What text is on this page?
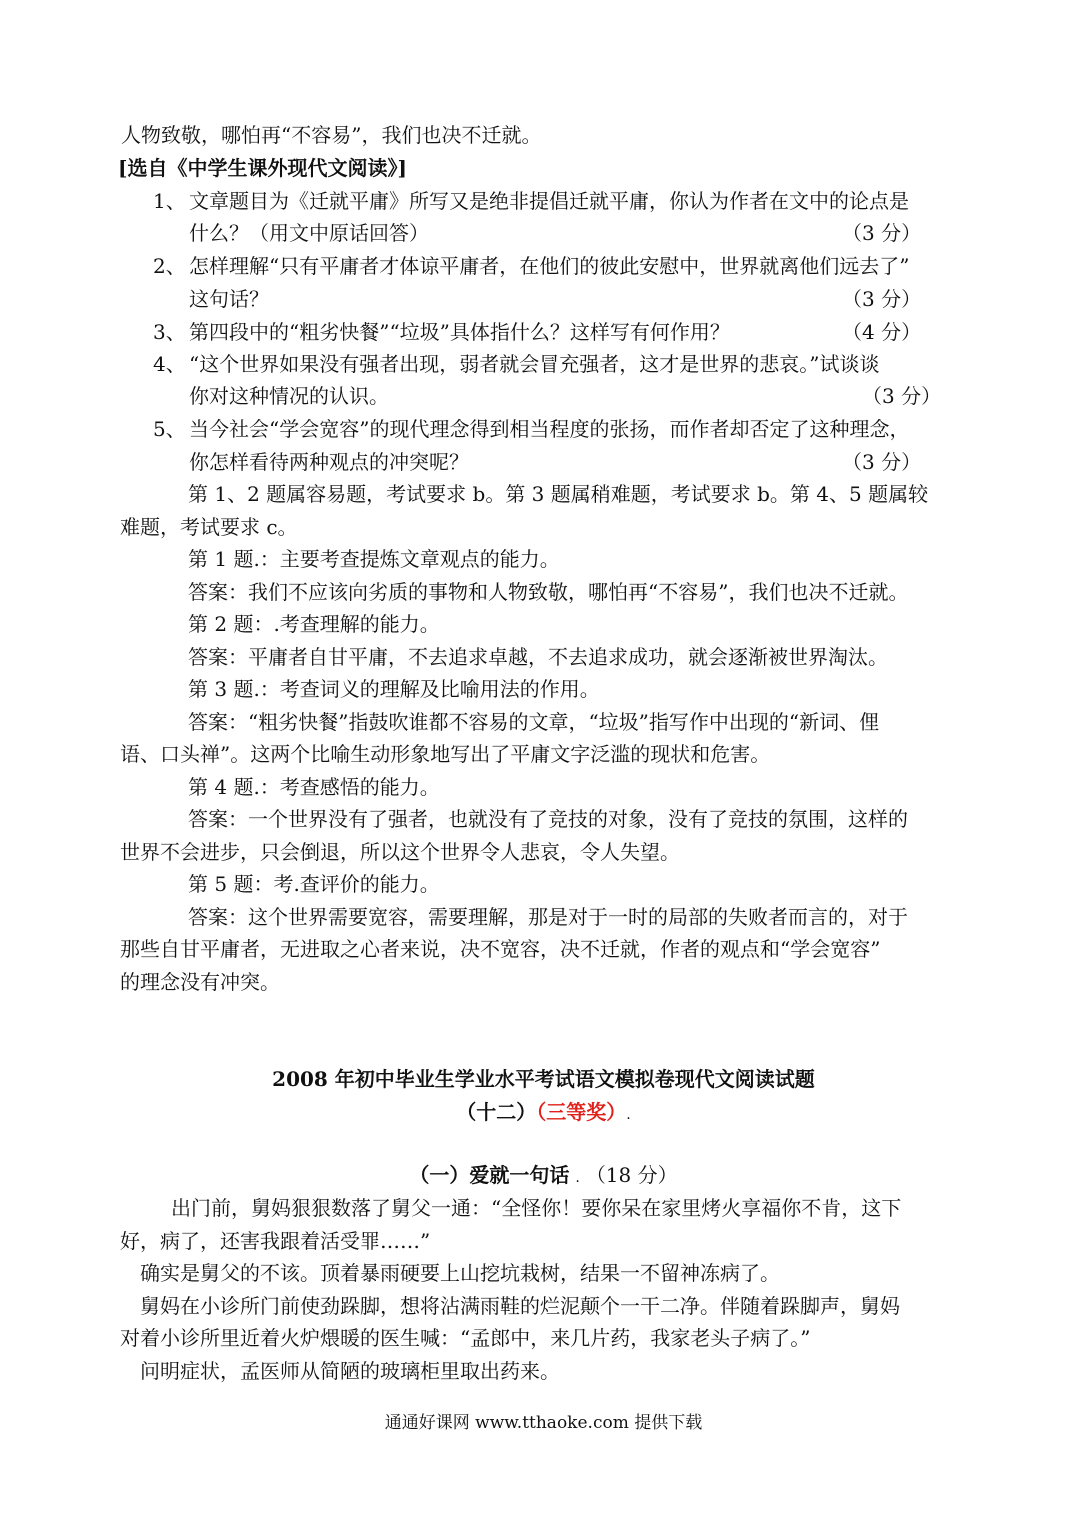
人物致敬，哪怕再“不容易”，我们也决不迁就。
[选自《中学生课外现代文阅读》]
1、 文章题目为《迁就平庸》所写又是绝非提倡迁就平庸，你认为作者在文中的论点是
什么？（用文中原话回答）	（3 分）
2、 怎样理解“只有平庸者才体谅平庸者，在他们的彼此安慰中，世界就离他们远去了”
这句话？	（3 分）
3、 第四段中的“粗劣快餐”“垃圾”具体指什么？这样写有何作用？	（4 分）
4、 “这个世界如果没有强者出现，弱者就会冒充强者，这才是世界的悲哀。”试谈谈
你对这种情况的认识。	（3 分）
5、 当今社会“学会宽容”的现代理念得到相当程度的张扬，而作者却否定了这种理念，
你怎样看待两种观点的冲突呢？	（3 分）
第 1、2 题属容易题，考试要求 b。第 3 题属稍难题，考试要求 b。第 4、5 题属较
难题，考试要求 c。
第 1 题.：主要考查提炼文章观点的能力。
答案：我们不应该向劣质的事物和人物致敬，哪怕再“不容易”，我们也决不迁就。
第 2 题：.考查理解的能力。
答案：平庸者自甘平庸，不去追求卓越，不去追求成功，就会逐渐被世界淘汰。
第 3 题.：考查词义的理解及比喻用法的作用。
答案：“粗劣快餐”指鼓吹谁都不容易的文章，“垃圾”指写作中出现的“新词、俚
语、口头禅”。这两个比喻生动形象地写出了平庸文字泛滥的现状和危害。
第 4 题.：考查感悟的能力。
答案：一个世界没有了强者，也就没有了竞技的对象，没有了竞技的氛围，这样的
世界不会进步，只会倒退，所以这个世界令人悲哀，令人失望。
第 5 题：考.查评价的能力。
答案：这个世界需要宽容，需要理解，那是对于一时的局部的失败者而言的，对于
那些自甘平庸者，无进取之心者来说，决不宽容，决不迁就，作者的观点和“学会宽容”
的理念没有冲突。
2008 年初中毕业生学业水平考试语文模拟卷现代文阅读试题
（十二）（三等奖）.
（一）爱就一句话 . （18 分）
出门前，舅妈狠狠数落了舅父一通：“全怪你！要你呆在家里烤火享福你不肯，这下
好，病了，还害我跟着活受罪……”
确实是舅父的不该。顶着暴雨硬要上山挖坑栽树，结果一不留神冻病了。
舅妈在小诊所门前使劲跺脚，想将沾满雨鞋的烂泥颠个一干二净。伴随着跺脚声，舅妈
对着小诊所里近着火炉煨暖的医生喊：“孟郎中，来几片药，我家老头子病了。”
问明症状，孟医师从简陋的玻璃柜里取出药来。
通通好课网 www.tthaoke.com 提供下载
